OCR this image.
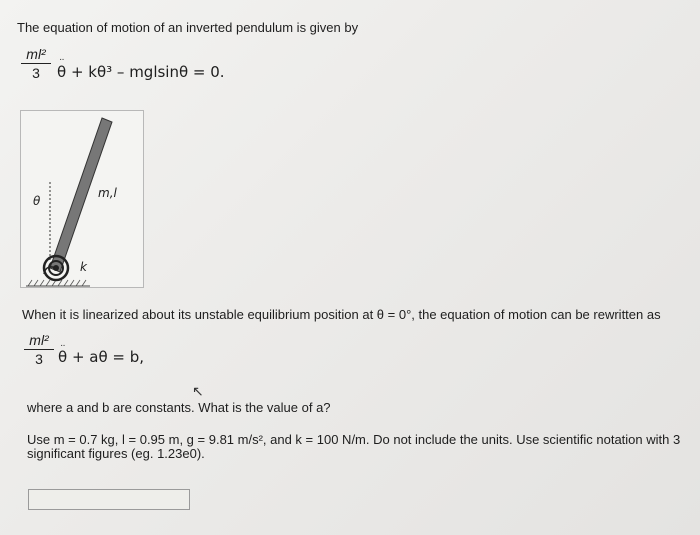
The equation of motion of an inverted pendulum is given by
ml²
3
··
θ + kθ³ – mglsinθ = 0.
θ
m,l
k
When it is linearized about its unstable equilibrium position at θ = 0°, the equation of motion can be rewritten as
ml²
3
··
θ + aθ = b,
where a and b are constants. What is the value of a?
↖
Use m = 0.7 kg, l = 0.95 m, g = 9.81 m/s², and k = 100 N/m. Do not include the units. Use scientific notation with 3
significant figures (eg. 1.23e0).
